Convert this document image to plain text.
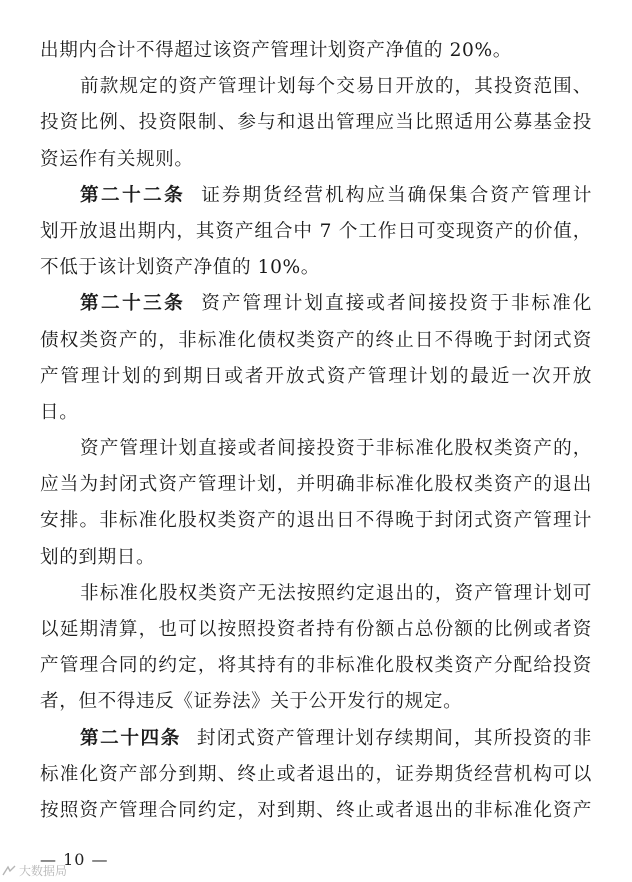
出期内合计不得超过该资产管理计划资产净值的 20%。
前款规定的资产管理计划每个交易日开放的，其投资范围、
投资比例、投资限制、参与和退出管理应当比照适用公募基金投
资运作有关规则。
第二十二条 证券期货经营机构应当确保集合资产管理计
划开放退出期内，其资产组合中 7 个工作日可变现资产的价值，
不低于该计划资产净值的 10%。
第二十三条 资产管理计划直接或者间接投资于非标准化
债权类资产的，非标准化债权类资产的终止日不得晚于封闭式资
产管理计划的到期日或者开放式资产管理计划的最近一次开放
日。
资产管理计划直接或者间接投资于非标准化股权类资产的，
应当为封闭式资产管理计划，并明确非标准化股权类资产的退出
安排。非标准化股权类资产的退出日不得晚于封闭式资产管理计
划的到期日。
非标准化股权类资产无法按照约定退出的，资产管理计划可
以延期清算，也可以按照投资者持有份额占总份额的比例或者资
产管理合同的约定，将其持有的非标准化股权类资产分配给投资
者，但不得违反《证券法》关于公开发行的规定。
第二十四条 封闭式资产管理计划存续期间，其所投资的非
标准化资产部分到期、终止或者退出的，证券期货经营机构可以
按照资产管理合同约定，对到期、终止或者退出的非标准化资产
— 10 —
大数据局
